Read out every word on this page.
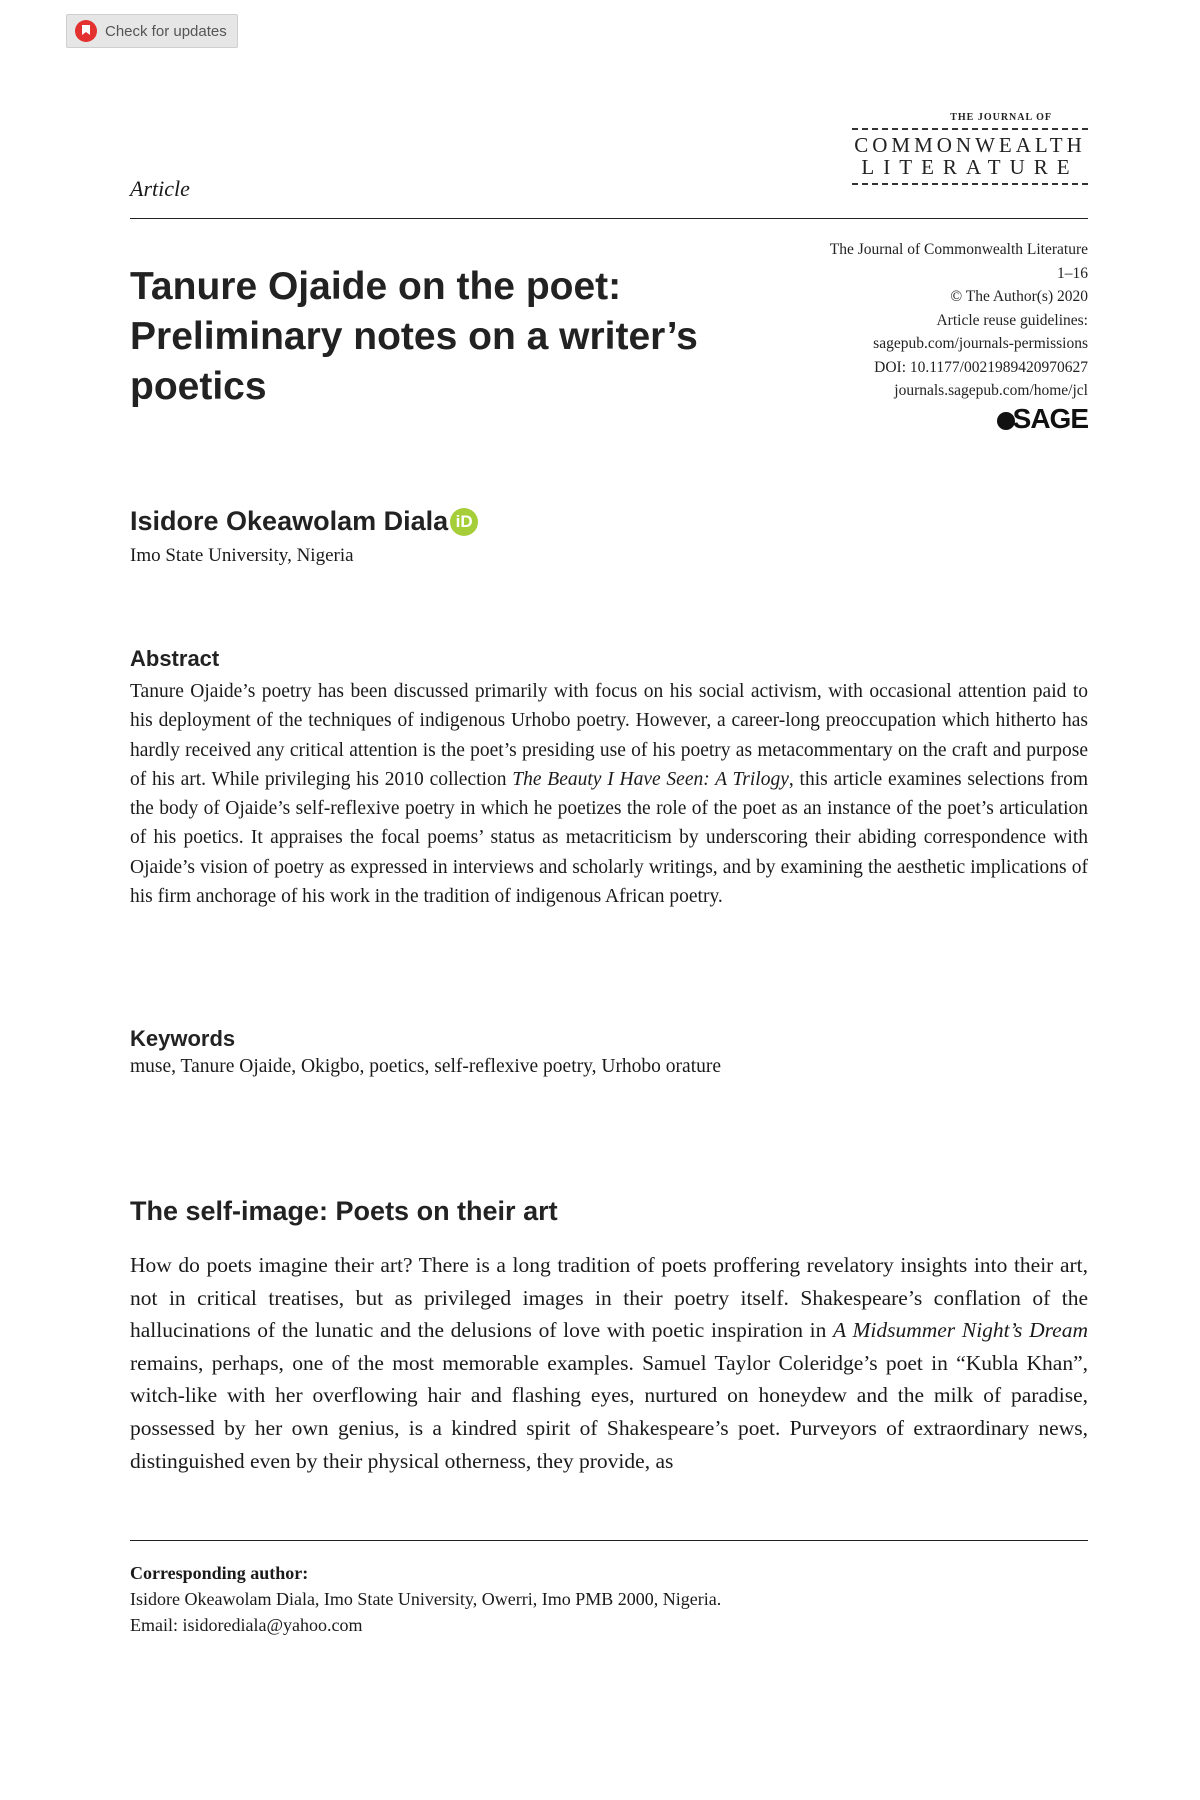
Check for updates
THE JOURNAL OF
COMMONWEALTH
LITERATURE
Article
Tanure Ojaide on the poet: Preliminary notes on a writer’s poetics
The Journal of Commonwealth Literature
1–16
© The Author(s) 2020
Article reuse guidelines:
sagepub.com/journals-permissions
DOI: 10.1177/0021989420970627
journals.sagepub.com/home/jcl
SAGE
Isidore Okeawolam Diala iD
Imo State University, Nigeria
Abstract

Tanure Ojaide’s poetry has been discussed primarily with focus on his social activism, with occasional attention paid to his deployment of the techniques of indigenous Urhobo poetry. However, a career-long preoccupation which hitherto has hardly received any critical attention is the poet’s presiding use of his poetry as metacommentary on the craft and purpose of his art. While privileging his 2010 collection The Beauty I Have Seen: A Trilogy, this article examines selections from the body of Ojaide’s self-reflexive poetry in which he poetizes the role of the poet as an instance of the poet’s articulation of his poetics. It appraises the focal poems’ status as metacriticism by underscoring their abiding correspondence with Ojaide’s vision of poetry as expressed in interviews and scholarly writings, and by examining the aesthetic implications of his firm anchorage of his work in the tradition of indigenous African poetry.

Keywords

muse, Tanure Ojaide, Okigbo, poetics, self-reflexive poetry, Urhobo orature

The self-image: Poets on their art

How do poets imagine their art? There is a long tradition of poets proffering revelatory insights into their art, not in critical treatises, but as privileged images in their poetry itself. Shakespeare’s conflation of the hallucinations of the lunatic and the delusions of love with poetic inspiration in A Midsummer Night’s Dream remains, perhaps, one of the most memorable examples. Samuel Taylor Coleridge’s poet in “Kubla Khan”, witch-like with her overflowing hair and flashing eyes, nurtured on honeydew and the milk of paradise, possessed by her own genius, is a kindred spirit of Shakespeare’s poet. Purveyors of extraordinary news, distinguished even by their physical otherness, they provide, as

Corresponding author:
Isidore Okeawolam Diala, Imo State University, Owerri, Imo PMB 2000, Nigeria.
Email: isidorediala@yahoo.com
